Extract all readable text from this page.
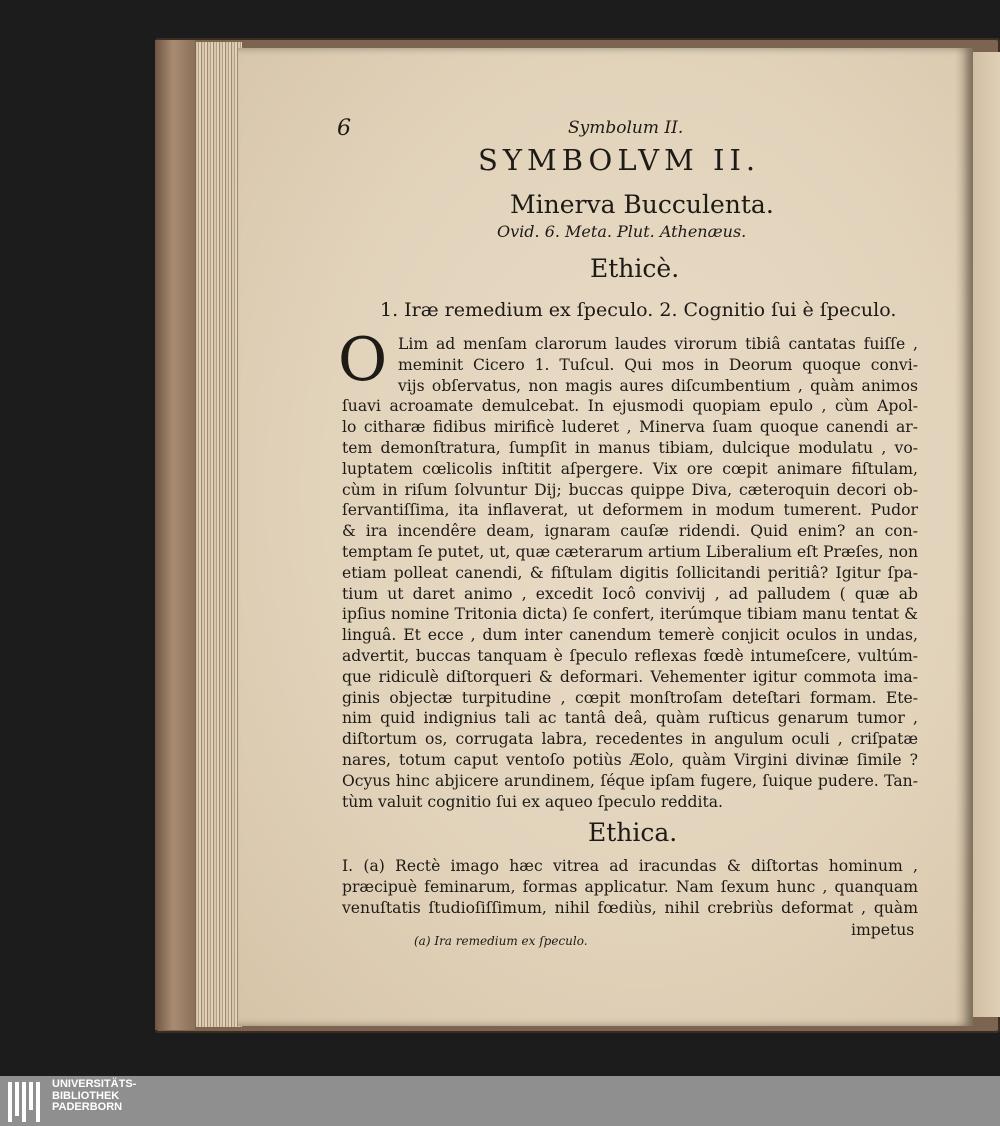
6	Symbolum II.
SYMBOLVM II.
Minerva Bucculenta.
Ovid. 6. Meta. Plut. Athenæus.
Ethicè.
1. Iræ remedium ex ſpeculo. 2. Cognitio ſui è ſpeculo.
O Lim ad menſam clarorum laudes virorum tibiâ cantatas fuiſſe ,
meminit Cicero 1. Tuſcul. Qui mos in Deorum quoque convi-
vijs obſervatus, non magis aures diſcumbentium , quàm animos
ſuavi acroamate demulcebat. In ejusmodi quopiam epulo , cùm Apol-
lo citharæ fidibus mirificè luderet , Minerva ſuam quoque canendi ar-
tem demonſtratura, ſumpſit in manus tibiam, dulcique modulatu , vo-
luptatem cœlicolis inſtitit aſpergere. Vix ore cœpit animare fiſtulam,
cùm in riſum ſolvuntur Dij; buccas quippe Diva, cæteroquin decori ob-
ſervantiſſima, ita inflaverat, ut deformem in modum tumerent. Pudor
& ira incendêre deam, ignaram cauſæ ridendi. Quid enim? an con-
temptam ſe putet, ut, quæ cæterarum artium Liberalium eſt Præſes, non
etiam polleat canendi, & fiſtulam digitis ſollicitandi peritiâ? Igitur ſpa-
tium ut daret animo , excedit Iocô convivij , ad palludem ( quæ ab
ipſius nomine Tritonia dicta) ſe confert, iterúmque tibiam manu tentat &
linguâ. Et ecce , dum inter canendum temerè conjicit oculos in undas,
advertit, buccas tanquam è ſpeculo reflexas fœdè intumeſcere, vultúm-
que ridiculè diſtorqueri & deformari. Vehementer igitur commota ima-
ginis objectæ turpitudine , cœpit monſtroſam deteſtari formam. Ete-
nim quid indignius tali ac tantâ deâ, quàm ruſticus genarum tumor ,
diſtortum os, corrugata labra, recedentes in angulum oculi , criſpatæ
nares, totum caput ventoſo potiùs Æolo, quàm Virgini divinæ ſimile ?
Ocyus hinc abjicere arundinem, ſéque ipſam fugere, ſuique pudere. Tan-
tùm valuit cognitio ſui ex aqueo ſpeculo reddita.
Ethica.
I. (a) Rectè imago hæc vitrea ad iracundas & diſtortas hominum ,
præcipuè feminarum, formas applicatur. Nam ſexum hunc , quanquam
venuſtatis ſtudioſiſſimum, nihil fœdiùs, nihil crebriùs deformat , quàm
impetus
(a) Ira remedium ex ſpeculo.
UNIVERSITÄTS-
BIBLIOTHEK
PADERBORN
